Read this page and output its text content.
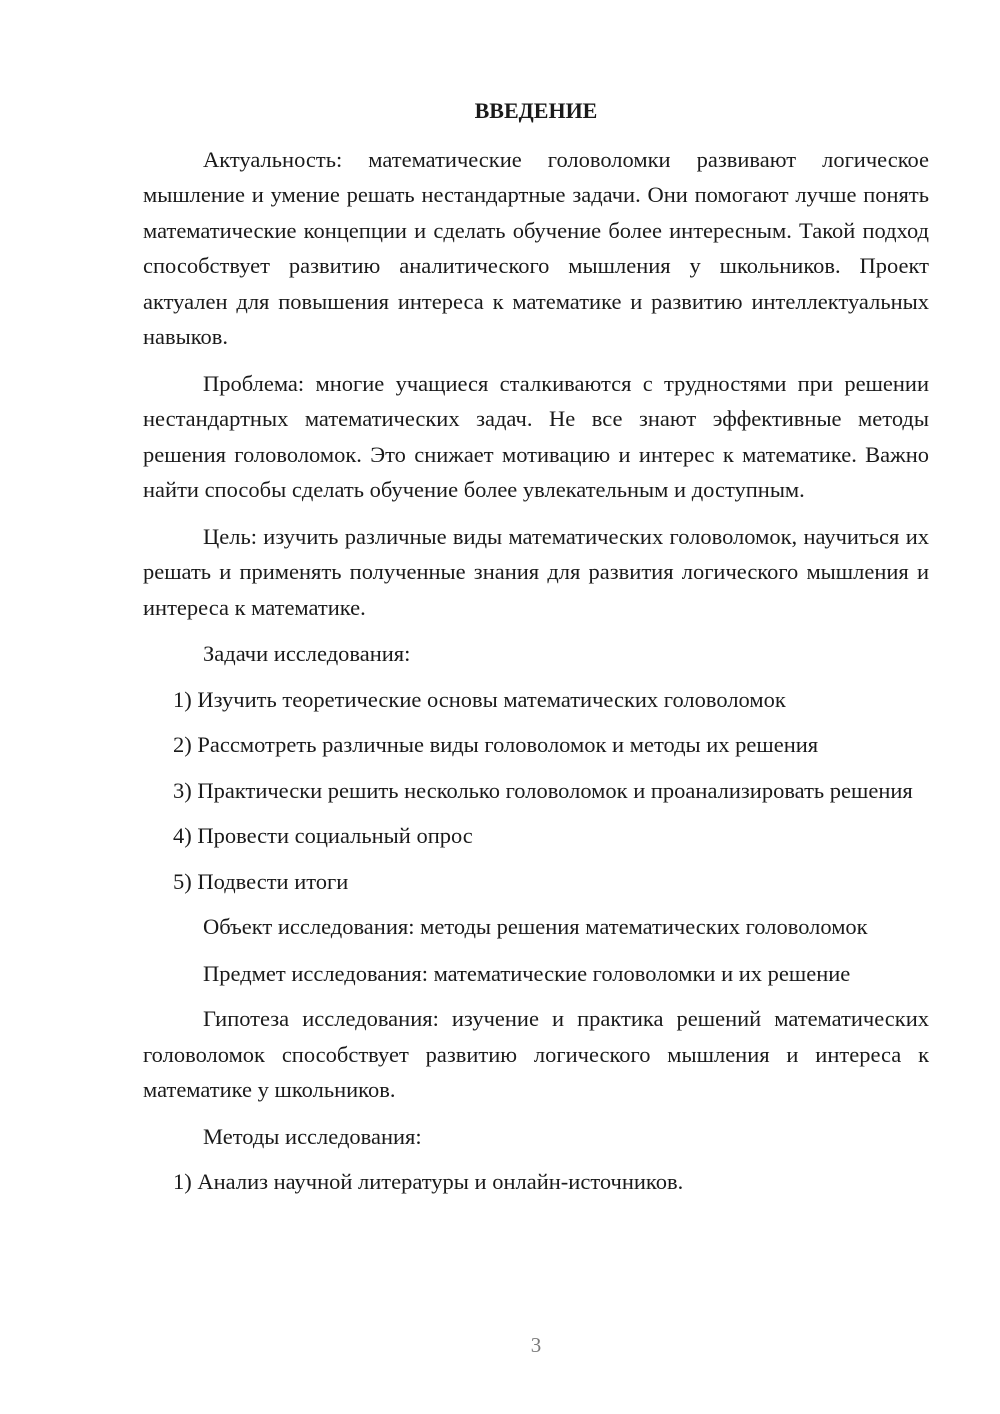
ВВЕДЕНИЕ

Актуальность: математические головоломки развивают логическое мышление и умение решать нестандартные задачи. Они помогают лучше понять математические концепции и сделать обучение более интересным. Такой подход способствует развитию аналитического мышления у школьников. Проект актуален для повышения интереса к математике и развитию интеллектуальных навыков.

Проблема: многие учащиеся сталкиваются с трудностями при решении нестандартных математических задач. Не все знают эффективные методы решения головоломок. Это снижает мотивацию и интерес к математике. Важно найти способы сделать обучение более увлекательным и доступным.

Цель: изучить различные виды математических головоломок, научиться их решать и применять полученные знания для развития логического мышления и интереса к математике.

Задачи исследования:

1) Изучить теоретические основы математических головоломок

2) Рассмотреть различные виды головоломок и методы их решения

3) Практически решить несколько головоломок и проанализировать решения

4) Провести социальный опрос

5) Подвести итоги

Объект исследования: методы решения математических головоломок

Предмет исследования: математические головоломки и их решение

Гипотеза исследования: изучение и практика решений математических головоломок способствует развитию логического мышления и интереса к математике у школьников.

Методы исследования:

1) Анализ научной литературы и онлайн-источников.

3
